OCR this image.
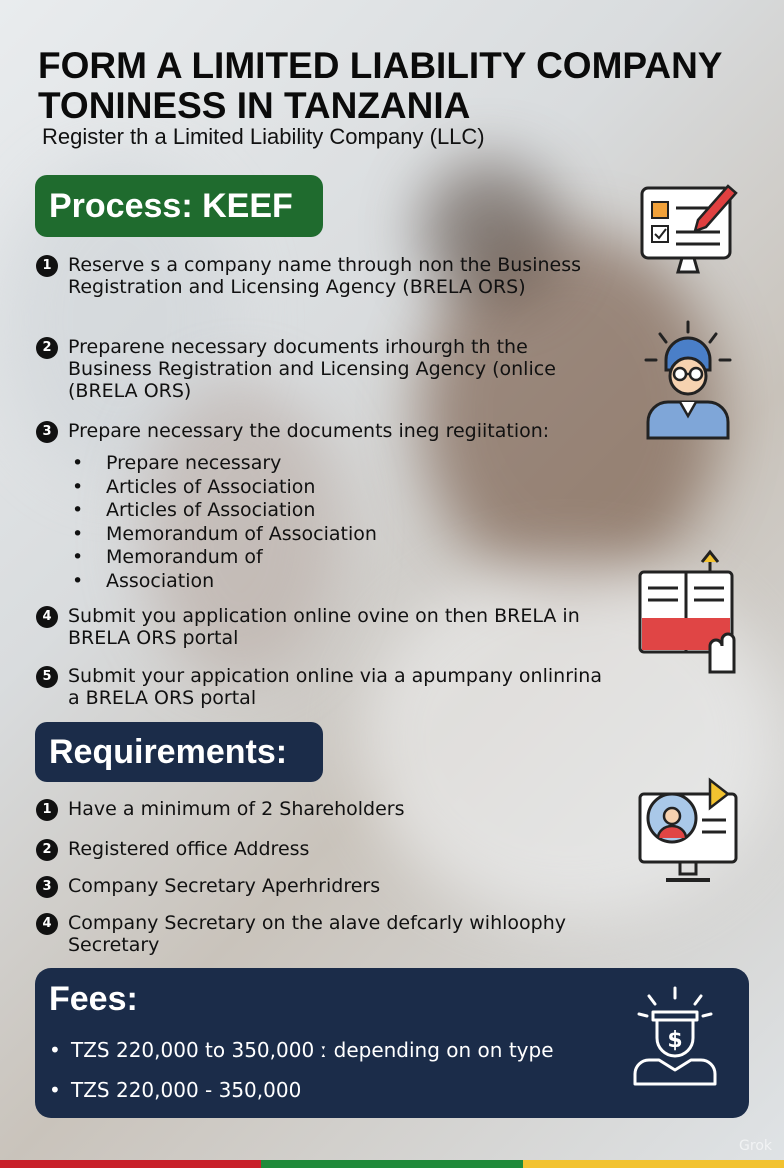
FORM A LIMITED LIABILITY COMPANY
TONINESS IN TANZANIA
Register th a Limited Liability Company (LLC)
Process: KEEF
1 Reserve s a company name through non the Business Registration and Licensing Agency (BRELA ORS)
2 Preparene necessary documents irhourgh th the Business Registration and Licensing Agency (onlice (BRELA ORS)
3 Prepare necessary the documents ineg regiitation:
• Prepare necessary
• Articles of Association
• Articles of Association
• Memorandum of Association
• Memorandum of
• Association
4 Submit you application online ovine on then BRELA in BRELA ORS portal
5 Submit your appication online via a apumpany onlinrina a BRELA ORS portal
Requirements:
1 Have a minimum of 2 Shareholders
2 Registered office Address
3 Company Secretary Aperhridrers
4 Company Secretary on the alave defcarly wihloophy Secretary
Fees:
• TZS 220,000 to 350,000 ː depending on on type
• TZS 220,000 - 350,000
$
Grok
